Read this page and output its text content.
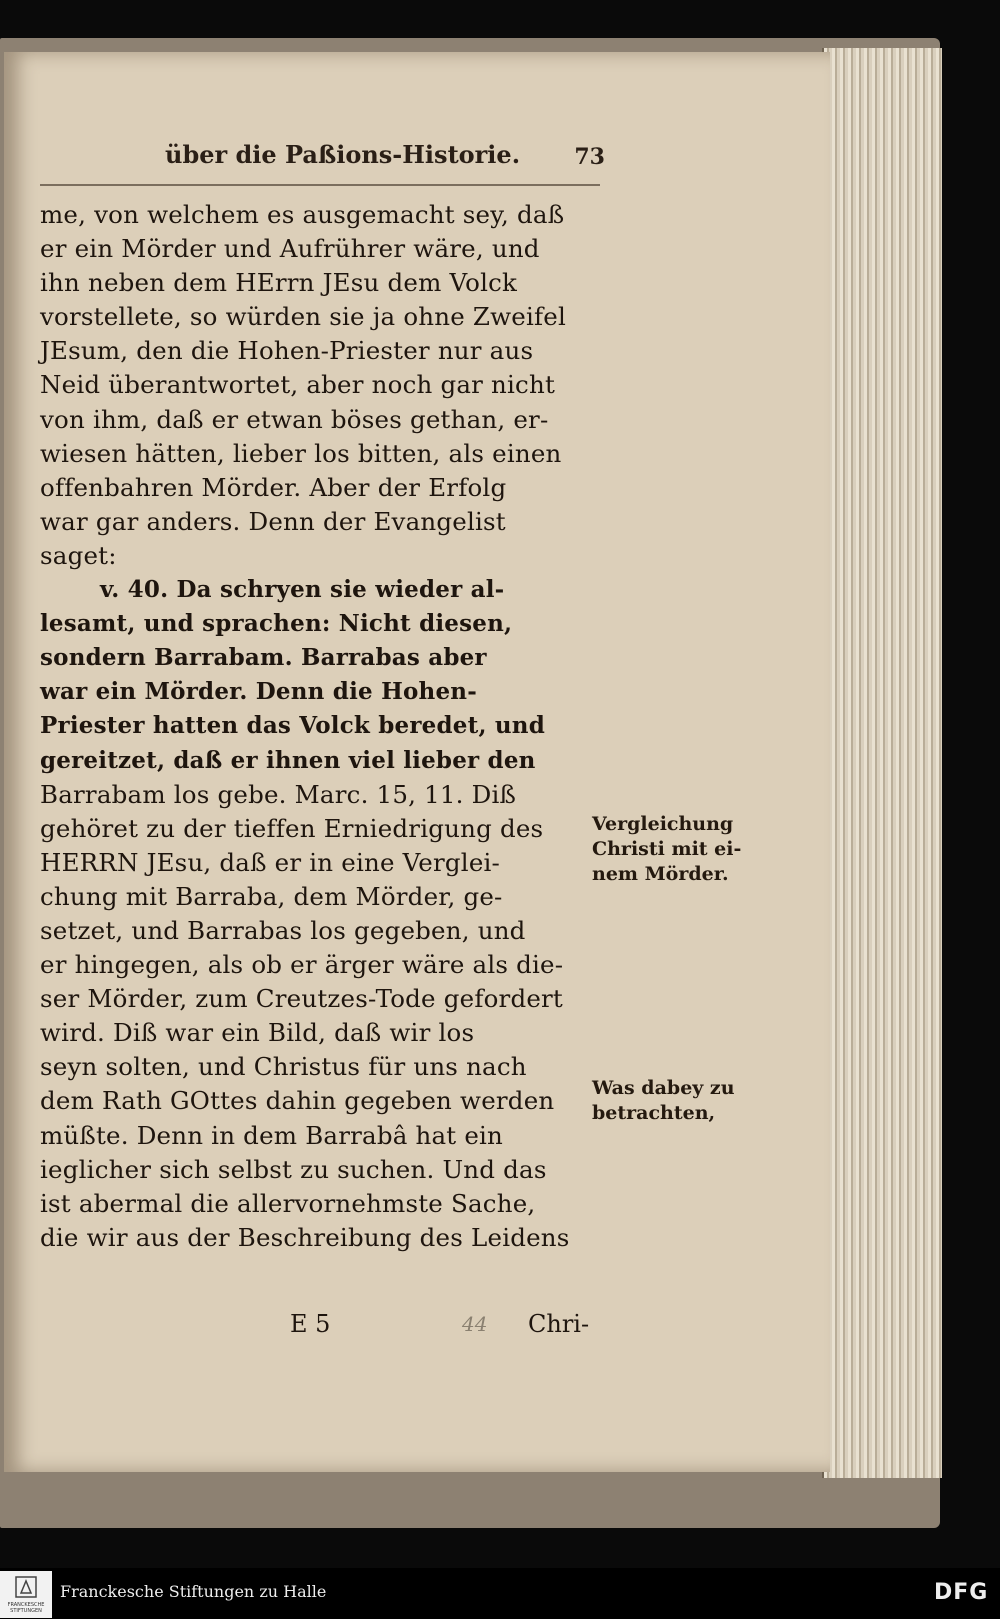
über die Paßions-Historie. 73
me, von welchem es ausgemacht sey, daß
er ein Mörder und Aufrührer wäre, und
ihn neben dem HErrn JEsu dem Volck
vorstellete, so würden sie ja ohne Zweifel
JEsum, den die Hohen-Priester nur aus
Neid überantwortet, aber noch gar nicht
von ihm, daß er etwan böses gethan, er-
wiesen hätten, lieber los bitten, als einen
offenbahren Mörder. Aber der Erfolg
war gar anders. Denn der Evangelist
saget:
v. 40. Da schryen sie wieder al-
lesamt, und sprachen: Nicht diesen,
sondern Barrabam. Barrabas aber
war ein Mörder. Denn die Hohen-
Priester hatten das Volck beredet, und
gereitzet, daß er ihnen viel lieber den
Barrabam los gebe. Marc. 15, 11. Diß
gehöret zu der tieffen Erniedrigung des
HERRN JEsu, daß er in eine Verglei-
chung mit Barraba, dem Mörder, ge-
setzet, und Barrabas los gegeben, und
er hingegen, als ob er ärger wäre als die-
ser Mörder, zum Creutzes-Tode gefordert
wird. Diß war ein Bild, daß wir los
seyn solten, und Christus für uns nach
dem Rath GOttes dahin gegeben werden
müßte. Denn in dem Barrabâ hat ein
ieglicher sich selbst zu suchen. Und das
ist abermal die allervornehmste Sache,
die wir aus der Beschreibung des Leidens
Vergleichung
Christi mit ei-
nem Mörder.
Was dabey zu
betrachten,
E 5	44 Chri-
FRANCKESCHE STIFTUNGEN
Franckesche Stiftungen zu Halle	DFG
